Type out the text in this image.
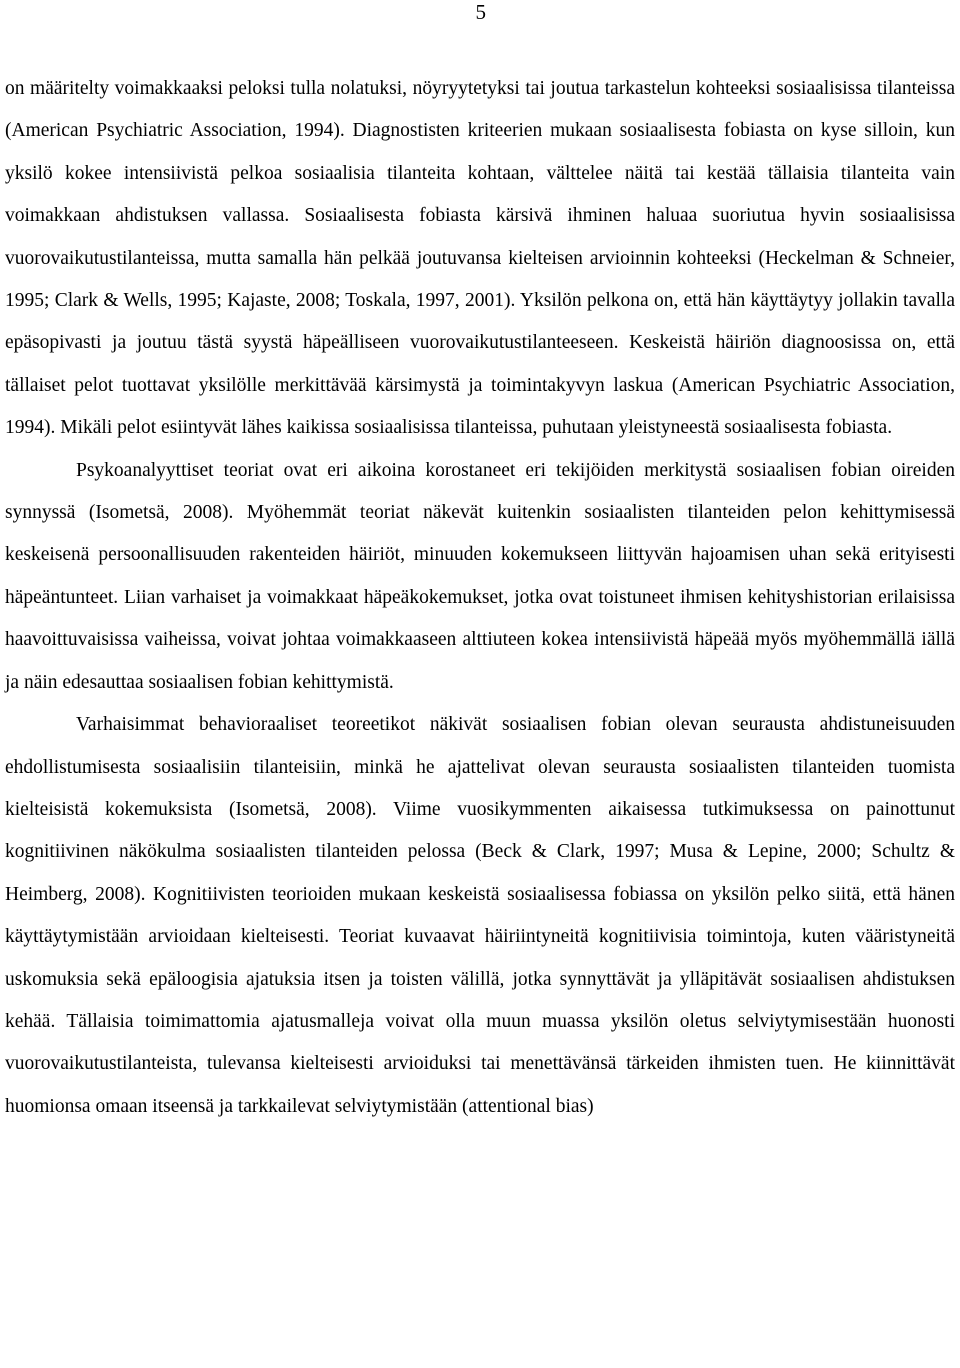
5

on määritelty voimakkaaksi peloksi tulla nolatuksi, nöyryytetyksi tai joutua tarkastelun kohteeksi sosiaalisissa tilanteissa (American Psychiatric Association, 1994). Diagnostisten kriteerien mukaan sosiaalisesta fobiasta on kyse silloin, kun yksilö kokee intensiivistä pelkoa sosiaalisia tilanteita kohtaan, välttelee näitä tai kestää tällaisia tilanteita vain voimakkaan ahdistuksen vallassa. Sosiaalisesta fobiasta kärsivä ihminen haluaa suoriutua hyvin sosiaalisissa vuorovaikutustilanteissa, mutta samalla hän pelkää joutuvansa kielteisen arvioinnin kohteeksi (Heckelman & Schneier, 1995; Clark & Wells, 1995; Kajaste, 2008; Toskala, 1997, 2001). Yksilön pelkona on, että hän käyttäytyy jollakin tavalla epäsopivasti ja joutuu tästä syystä häpeälliseen vuorovaikutustilanteeseen. Keskeistä häiriön diagnoosissa on, että tällaiset pelot tuottavat yksilölle merkittävää kärsimystä ja toimintakyvyn laskua (American Psychiatric Association, 1994). Mikäli pelot esiintyvät lähes kaikissa sosiaalisissa tilanteissa, puhutaan yleistyneestä sosiaalisesta fobiasta.

Psykoanalyyttiset teoriat ovat eri aikoina korostaneet eri tekijöiden merkitystä sosiaalisen fobian oireiden synnyssä (Isometsä, 2008). Myöhemmät teoriat näkevät kuitenkin sosiaalisten tilanteiden pelon kehittymisessä keskeisenä persoonallisuuden rakenteiden häiriöt, minuuden kokemukseen liittyvän hajoamisen uhan sekä erityisesti häpeäntunteet. Liian varhaiset ja voimakkaat häpeäkokemukset, jotka ovat toistuneet ihmisen kehityshistorian erilaisissa haavoittuvaisissa vaiheissa, voivat johtaa voimakkaaseen alttiuteen kokea intensiivistä häpeää myös myöhemmällä iällä ja näin edesauttaa sosiaalisen fobian kehittymistä.

Varhaisimmat behavioraaliset teoreetikot näkivät sosiaalisen fobian olevan seurausta ahdistuneisuuden ehdollistumisesta sosiaalisiin tilanteisiin, minkä he ajattelivat olevan seurausta sosiaalisten tilanteiden tuomista kielteisistä kokemuksista (Isometsä, 2008). Viime vuosikymmenten aikaisessa tutkimuksessa on painottunut kognitiivinen näkökulma sosiaalisten tilanteiden pelossa (Beck & Clark, 1997; Musa & Lepine, 2000; Schultz & Heimberg, 2008). Kognitiivisten teorioiden mukaan keskeistä sosiaalisessa fobiassa on yksilön pelko siitä, että hänen käyttäytymistään arvioidaan kielteisesti. Teoriat kuvaavat häiriintyneitä kognitiivisia toimintoja, kuten vääristyneitä uskomuksia sekä epäloogisia ajatuksia itsen ja toisten välillä, jotka synnyttävät ja ylläpitävät sosiaalisen ahdistuksen kehää. Tällaisia toimimattomia ajatusmalleja voivat olla muun muassa yksilön oletus selviytymisestään huonosti vuorovaikutustilanteista, tulevansa kielteisesti arvioiduksi tai menettävänsä tärkeiden ihmisten tuen. He kiinnittävät huomionsa omaan itseensä ja tarkkailevat selviytymistään (attentional bias)
